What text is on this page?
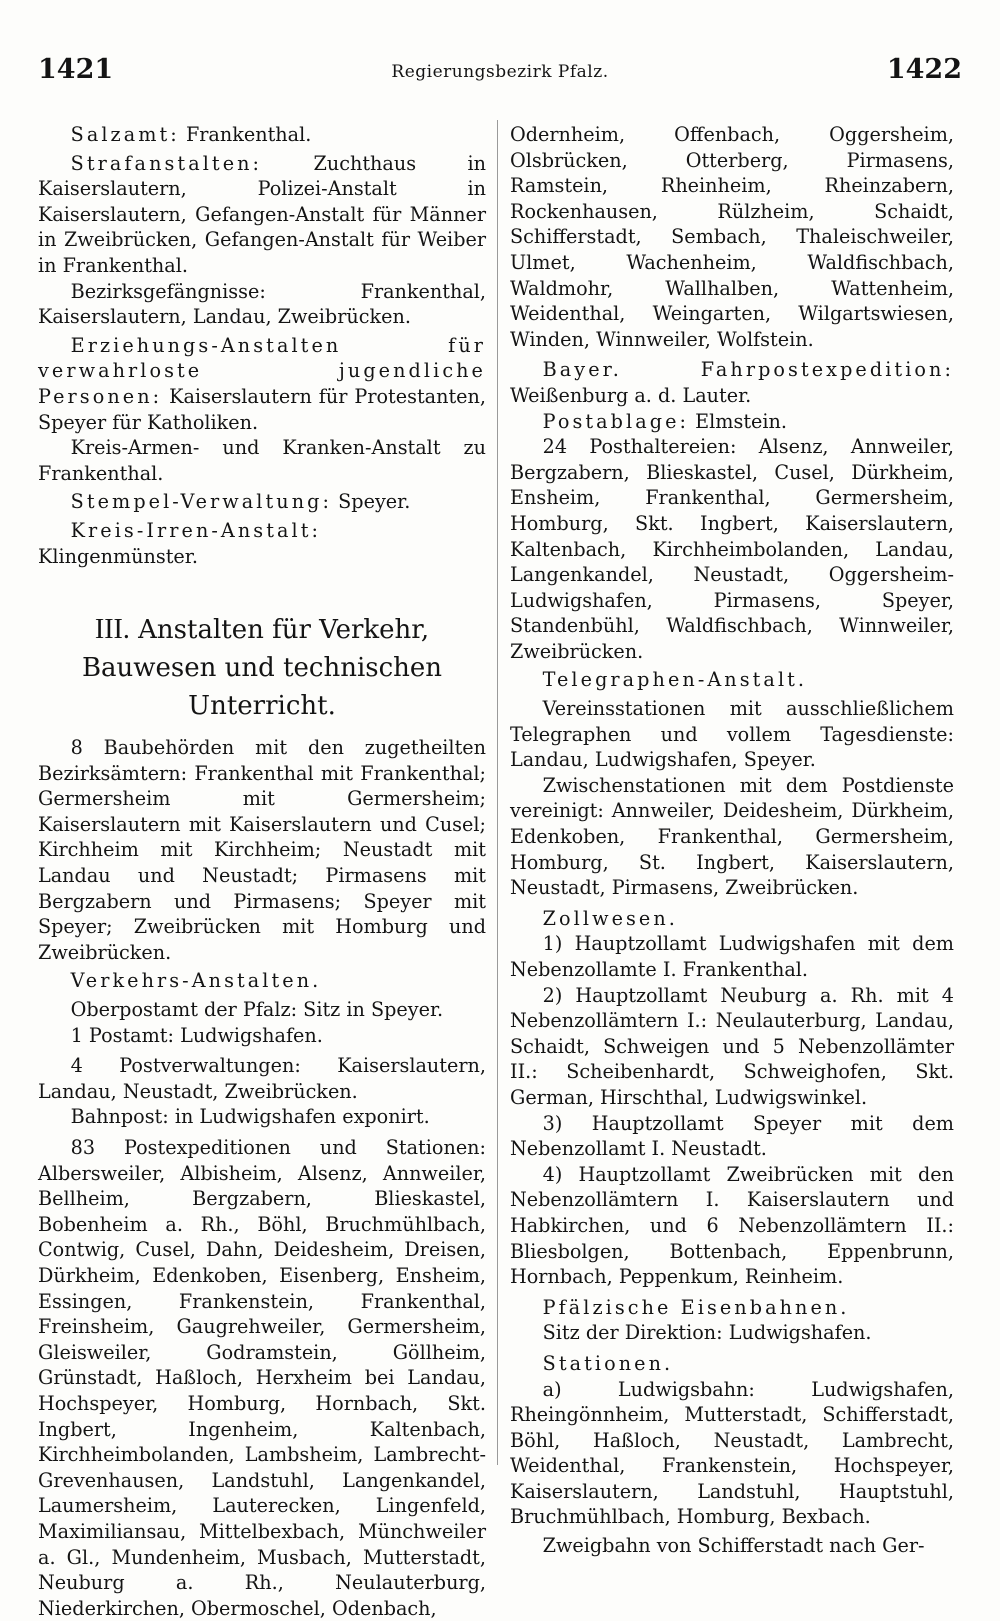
1421	Regierungsbezirk Pfalz.	1422

Salzamt: Frankenthal.

Strafanstalten: Zuchthaus in Kaiserslautern, Polizei-Anstalt in Kaiserslautern, Gefangen-Anstalt für Männer in Zweibrücken, Gefangen-Anstalt für Weiber in Frankenthal.

Bezirksgefängnisse: Frankenthal, Kaiserslautern, Landau, Zweibrücken.

Erziehungs-Anstalten für verwahrloste jugendliche Personen: Kaiserslautern für Protestanten, Speyer für Katholiken.

Kreis-Armen- und Kranken-Anstalt zu Frankenthal.

Stempel-Verwaltung: Speyer.

Kreis-Irren-Anstalt: Klingenmünster.

III. Anstalten für Verkehr, Bauwesen und technischen Unterricht.

8 Baubehörden mit den zugetheilten Bezirksämtern: Frankenthal mit Frankenthal; Germersheim mit Germersheim; Kaiserslautern mit Kaiserslautern und Cusel; Kirchheim mit Kirchheim; Neustadt mit Landau und Neustadt; Pirmasens mit Bergzabern und Pirmasens; Speyer mit Speyer; Zweibrücken mit Homburg und Zweibrücken.

Verkehrs-Anstalten.

Oberpostamt der Pfalz: Sitz in Speyer.

1 Postamt: Ludwigshafen.

4 Postverwaltungen: Kaiserslautern, Landau, Neustadt, Zweibrücken.

Bahnpost: in Ludwigshafen exponirt.

83 Postexpeditionen und Stationen: Albersweiler, Albisheim, Alsenz, Annweiler, Bellheim, Bergzabern, Blieskastel, Bobenheim a. Rh., Böhl, Bruchmühlbach, Contwig, Cusel, Dahn, Deidesheim, Dreisen, Dürkheim, Edenkoben, Eisenberg, Ensheim, Essingen, Frankenstein, Frankenthal, Freinsheim, Gaugrehweiler, Germersheim, Gleisweiler, Godramstein, Göllheim, Grünstadt, Haßloch, Herxheim bei Landau, Hochspeyer, Homburg, Hornbach, Skt. Ingbert, Ingenheim, Kaltenbach, Kirchheimbolanden, Lambsheim, Lambrecht-Grevenhausen, Landstuhl, Langenkandel, Laumersheim, Lauterecken, Lingenfeld, Maximiliansau, Mittelbexbach, Münchweiler a. Gl., Mundenheim, Musbach, Mutterstadt, Neuburg a. Rh., Neulauterburg, Niederkirchen, Obermoschel, Odenbach,

Odernheim, Offenbach, Oggersheim, Olsbrücken, Otterberg, Pirmasens, Ramstein, Rheinheim, Rheinzabern, Rockenhausen, Rülzheim, Schaidt, Schifferstadt, Sembach, Thaleischweiler, Ulmet, Wachenheim, Waldfischbach, Waldmohr, Wallhalben, Wattenheim, Weidenthal, Weingarten, Wilgartswiesen, Winden, Winnweiler, Wolfstein.

Bayer. Fahrpostexpedition: Weißenburg a. d. Lauter.

Postablage: Elmstein.

24 Posthaltereien: Alsenz, Annweiler, Bergzabern, Blieskastel, Cusel, Dürkheim, Ensheim, Frankenthal, Germersheim, Homburg, Skt. Ingbert, Kaiserslautern, Kaltenbach, Kirchheimbolanden, Landau, Langenkandel, Neustadt, Oggersheim-Ludwigshafen, Pirmasens, Speyer, Standenbühl, Waldfischbach, Winnweiler, Zweibrücken.

Telegraphen-Anstalt.

Vereinsstationen mit ausschließlichem Telegraphen und vollem Tagesdienste: Landau, Ludwigshafen, Speyer.

Zwischenstationen mit dem Postdienste vereinigt: Annweiler, Deidesheim, Dürkheim, Edenkoben, Frankenthal, Germersheim, Homburg, St. Ingbert, Kaiserslautern, Neustadt, Pirmasens, Zweibrücken.

Zollwesen.

1) Hauptzollamt Ludwigshafen mit dem Nebenzollamte I. Frankenthal.

2) Hauptzollamt Neuburg a. Rh. mit 4 Nebenzollämtern I.: Neulauterburg, Landau, Schaidt, Schweigen und 5 Nebenzollämter II.: Scheibenhardt, Schweighofen, Skt. German, Hirschthal, Ludwigswinkel.

3) Hauptzollamt Speyer mit dem Nebenzollamt I. Neustadt.

4) Hauptzollamt Zweibrücken mit den Nebenzollämtern I. Kaiserslautern und Habkirchen, und 6 Nebenzollämtern II.: Bliesbolgen, Bottenbach, Eppenbrunn, Hornbach, Peppenkum, Reinheim.

Pfälzische Eisenbahnen.

Sitz der Direktion: Ludwigshafen.

Stationen.

a) Ludwigsbahn: Ludwigshafen, Rheingönnheim, Mutterstadt, Schifferstadt, Böhl, Haßloch, Neustadt, Lambrecht, Weidenthal, Frankenstein, Hochspeyer, Kaiserslautern, Landstuhl, Hauptstuhl, Bruchmühlbach, Homburg, Bexbach.

Zweigbahn von Schifferstadt nach Ger-
